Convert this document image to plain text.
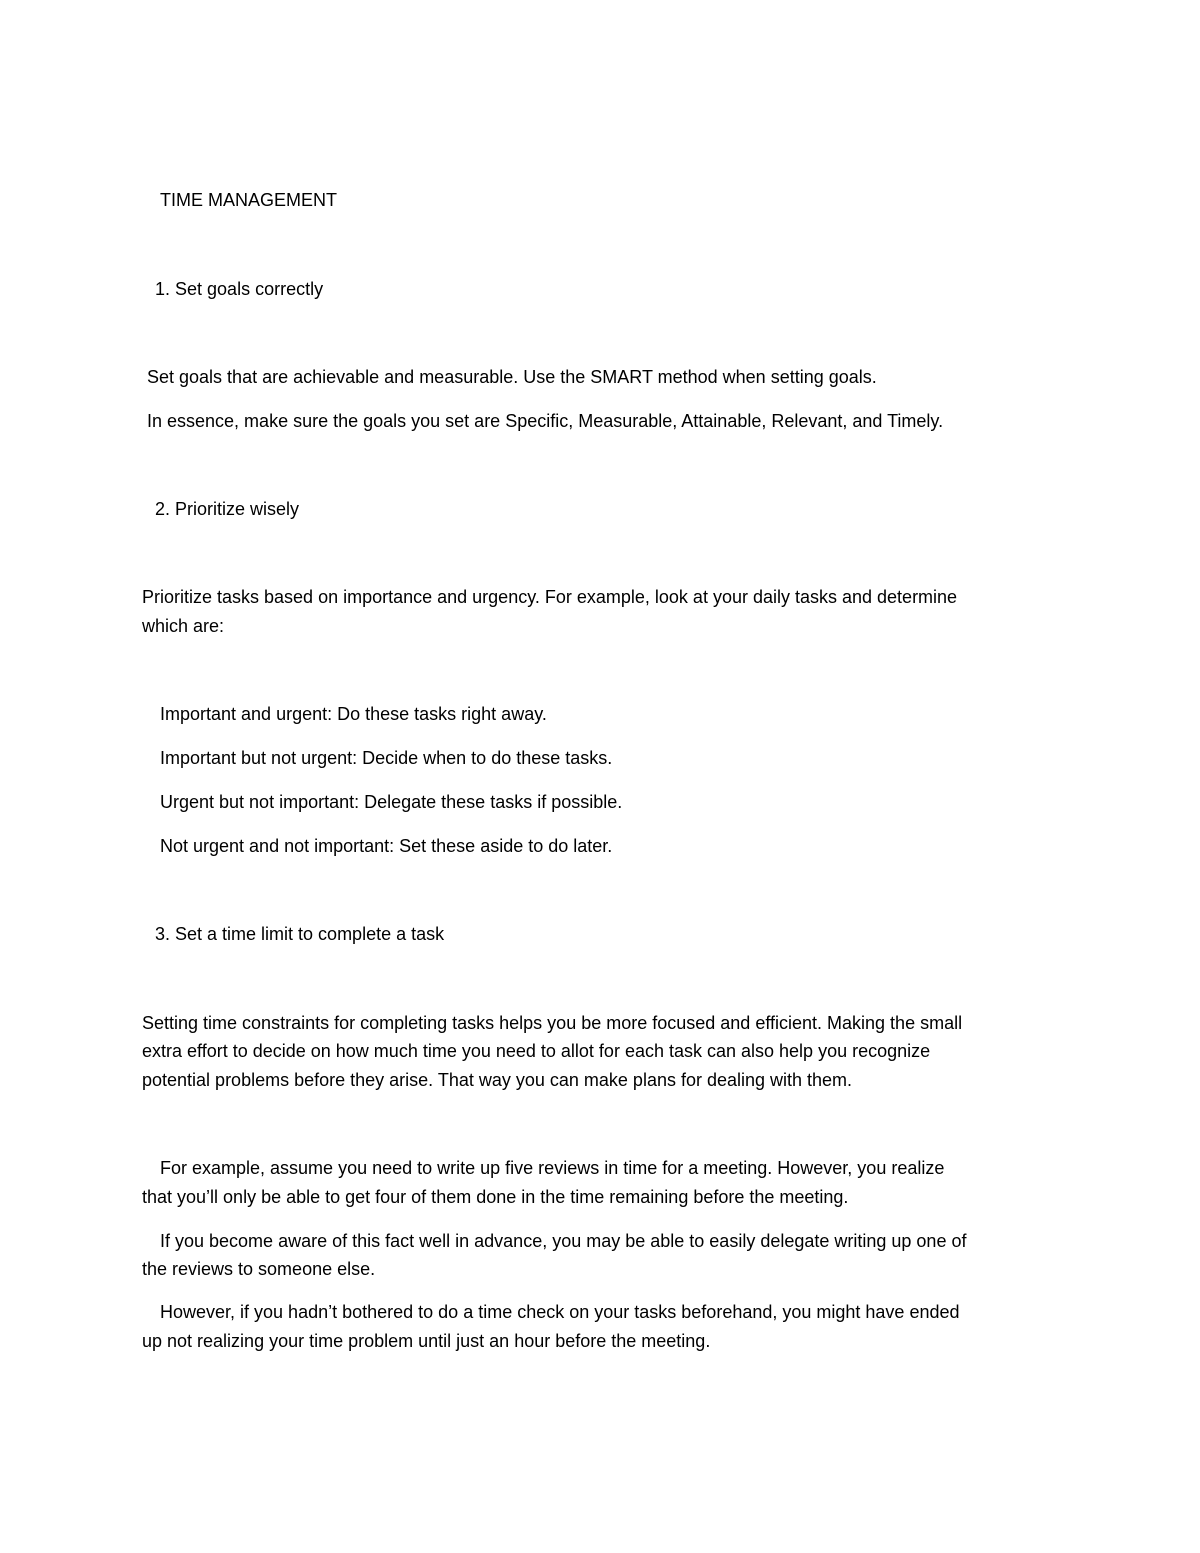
TIME MANAGEMENT
1. Set goals correctly
Set goals that are achievable and measurable. Use the SMART method when setting goals.
In essence, make sure the goals you set are Specific, Measurable, Attainable, Relevant, and Timely.
2. Prioritize wisely
Prioritize tasks based on importance and urgency. For example, look at your daily tasks and determine
which are:
Important and urgent: Do these tasks right away.
Important but not urgent: Decide when to do these tasks.
Urgent but not important: Delegate these tasks if possible.
Not urgent and not important: Set these aside to do later.
3. Set a time limit to complete a task
Setting time constraints for completing tasks helps you be more focused and efficient. Making the small
extra effort to decide on how much time you need to allot for each task can also help you recognize
potential problems before they arise. That way you can make plans for dealing with them.
For example, assume you need to write up five reviews in time for a meeting. However, you realize
that you’ll only be able to get four of them done in the time remaining before the meeting.
If you become aware of this fact well in advance, you may be able to easily delegate writing up one of
the reviews to someone else.
However, if you hadn’t bothered to do a time check on your tasks beforehand, you might have ended
up not realizing your time problem until just an hour before the meeting.
